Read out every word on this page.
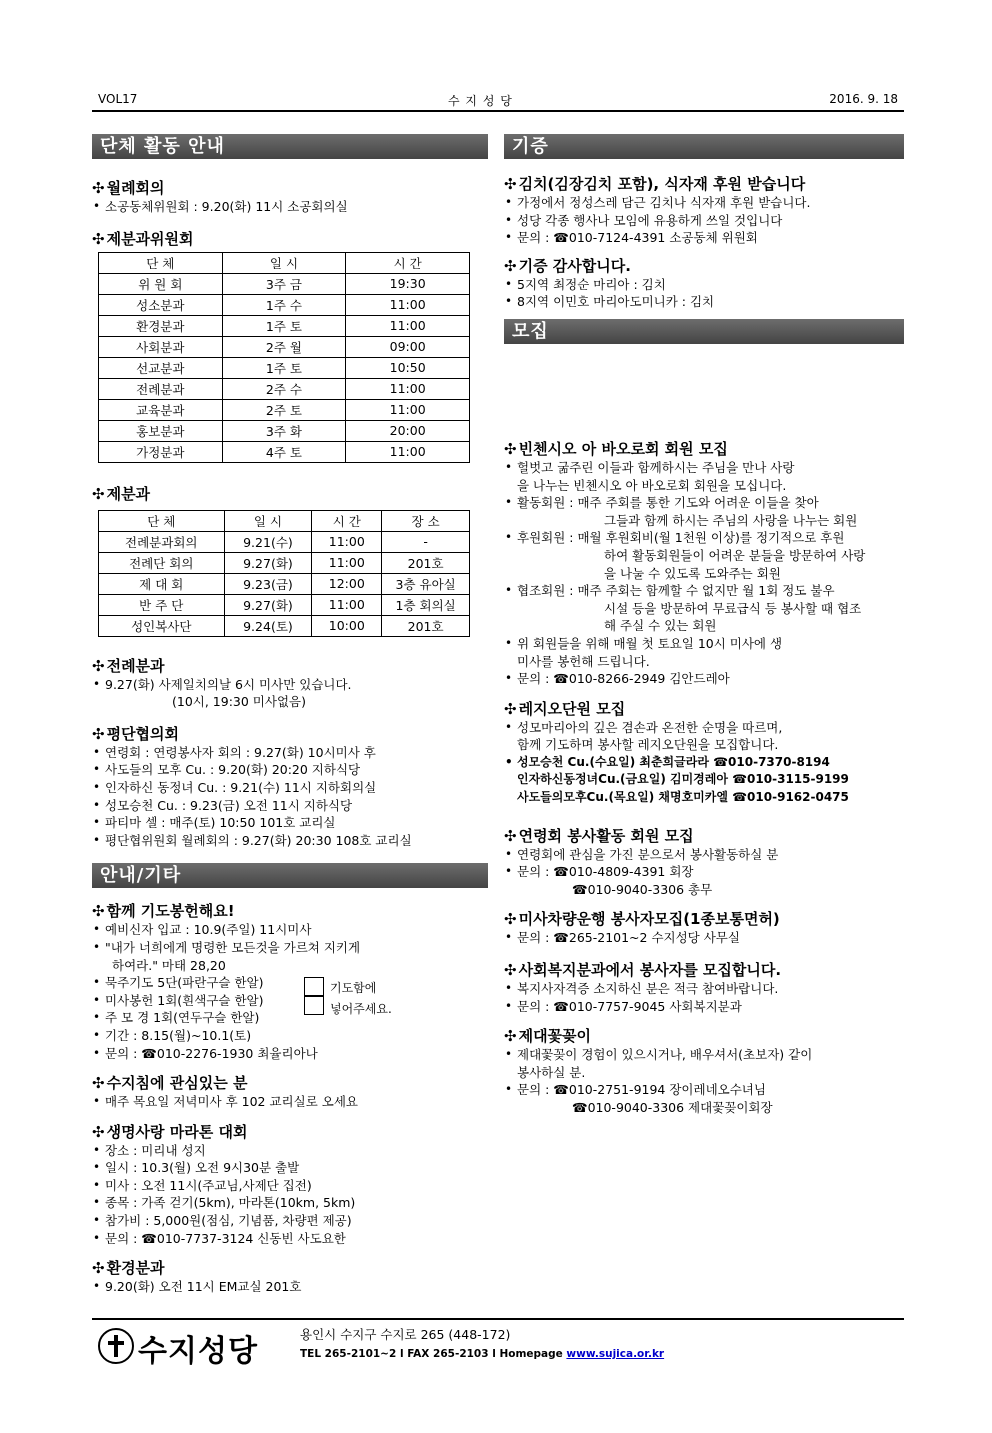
VOL17	수 지 성 당	2016. 9. 18
단체 활동 안내

✣ 월례회의

• 소공동체위원회 : 9.20(화) 11시 소공회의실

✣ 제분과위원회

단 체	일 시	시 간
위 원 회	3주 금	19:30
성소분과	1주 수	11:00
환경분과	1주 토	11:00
사회분과	2주 월	09:00
선교분과	1주 토	10:50
전례분과	2주 수	11:00
교육분과	2주 토	11:00
홍보분과	3주 화	20:00
가정분과	4주 토	11:00

✣ 제분과

단 체	일 시	시 간	장 소
전례분과회의	9.21(수)	11:00	-
전례단 회의	9.27(화)	11:00	201호
제 대 회	9.23(금)	12:00	3층 유아실
반 주 단	9.27(화)	11:00	1층 회의실
성인복사단	9.24(토)	10:00	201호

✣ 전례분과

• 9.27(화) 사제일치의날 6시 미사만 있습니다.
(10시, 19:30 미사없음)

✣ 평단협의회

• 연령회 : 연령봉사자 회의 : 9.27(화) 10시미사 후
• 사도들의 모후 Cu. : 9.20(화) 20:20 지하식당
• 인자하신 동정녀 Cu. : 9.21(수) 11시 지하회의실
• 성모승천 Cu. : 9.23(금) 오전 11시 지하식당
• 파티마 셀 : 매주(토) 10:50 101호 교리실
• 평단협위원회 월례회의 : 9.27(화) 20:30 108호 교리실
안내/기타

✣ 함께 기도봉헌해요!

• 예비신자 입교 : 10.9(주일) 11시미사
• "내가 너희에게 명령한 모든것을 가르쳐 지키게
하여라." 마태 28,20
• 묵주기도 5단(파란구슬 한알)
• 미사봉헌 1회(흰색구슬 한알)
• 주 모 경 1회(연두구슬 한알)
• 기간 : 8.15(월)~10.1(토)
• 문의 : ☎010-2276-1930 최율리아나
기도함에
넣어주세요.

✣ 수지침에 관심있는 분

• 매주 목요일 저녁미사 후 102 교리실로 오세요

✣ 생명사랑 마라톤 대회

• 장소 : 미리내 성지
• 일시 : 10.3(월) 오전 9시30분 출발
• 미사 : 오전 11시(주교님,사제단 집전)
• 종목 : 가족 걷기(5km), 마라톤(10km, 5km)
• 참가비 : 5,000원(점심, 기념품, 차량편 제공)
• 문의 : ☎010-7737-3124 신동빈 사도요한

✣ 환경분과

• 9.20(화) 오전 11시 EM교실 201호
기증

✣ 김치(김장김치 포함), 식자재 후원 받습니다

• 가정에서 정성스레 담근 김치나 식자재 후원 받습니다.
• 성당 각종 행사나 모임에 유용하게 쓰일 것입니다
• 문의 : ☎010-7124-4391 소공동체 위원회

✣ 기증 감사합니다.

• 5지역 최정순 마리아 : 김치
• 8지역 이민호 마리아도미니카 : 김치
모집

✣ 빈첸시오 아 바오로회 회원 모집

• 헐벗고 굶주린 이들과 함께하시는 주님을 만나 사랑
을 나누는 빈첸시오 아 바오로회 회원을 모십니다.
• 활동회원 : 매주 주회를 통한 기도와 어려운 이들을 찾아
그들과 함께 하시는 주님의 사랑을 나누는 회원
• 후원회원 : 매월 후원회비(월 1천원 이상)를 정기적으로 후원
하여 활동회원들이 어려운 분들을 방문하여 사랑
을 나눌 수 있도록 도와주는 회원
• 협조회원 : 매주 주회는 함께할 수 없지만 월 1회 정도 불우
시설 등을 방문하여 무료급식 등 봉사할 때 협조
해 주실 수 있는 회원
• 위 회원들을 위해 매월 첫 토요일 10시 미사에 생
미사를 봉헌해 드립니다.
• 문의 : ☎010-8266-2949 김안드레아

✣ 레지오단원 모집

• 성모마리아의 깊은 겸손과 온전한 순명을 따르며,
함께 기도하며 봉사할 레지오단원을 모집합니다.
• 성모승천 Cu.(수요일) 최춘희글라라 ☎010-7370-8194
인자하신동정녀Cu.(금요일) 김미경레아 ☎010-3115-9199
사도들의모후Cu.(목요일) 채명호미카엘 ☎010-9162-0475

✣ 연령회 봉사활동 회원 모집

• 연령회에 관심을 가진 분으로서 봉사활동하실 분
• 문의 : ☎010-4809-4391 회장
☎010-9040-3306 총무

✣ 미사차량운행 봉사자모집(1종보통면허)

• 문의 : ☎265-2101~2 수지성당 사무실

✣ 사회복지분과에서 봉사자를 모집합니다.

• 복지사자격증 소지하신 분은 적극 참여바랍니다.
• 문의 : ☎010-7757-9045 사회복지분과

✣ 제대꽃꽂이

• 제대꽃꽂이 경험이 있으시거나, 배우셔서(초보자) 같이
봉사하실 분.
• 문의 : ☎010-2751-9194 장이레네오수녀님
☎010-9040-3306 제대꽃꽂이회장
수지성당	용인시 수지구 수지로 265 (448-172)
TEL 265-2101~2 l FAX 265-2103 l Homepage www.sujica.or.kr
